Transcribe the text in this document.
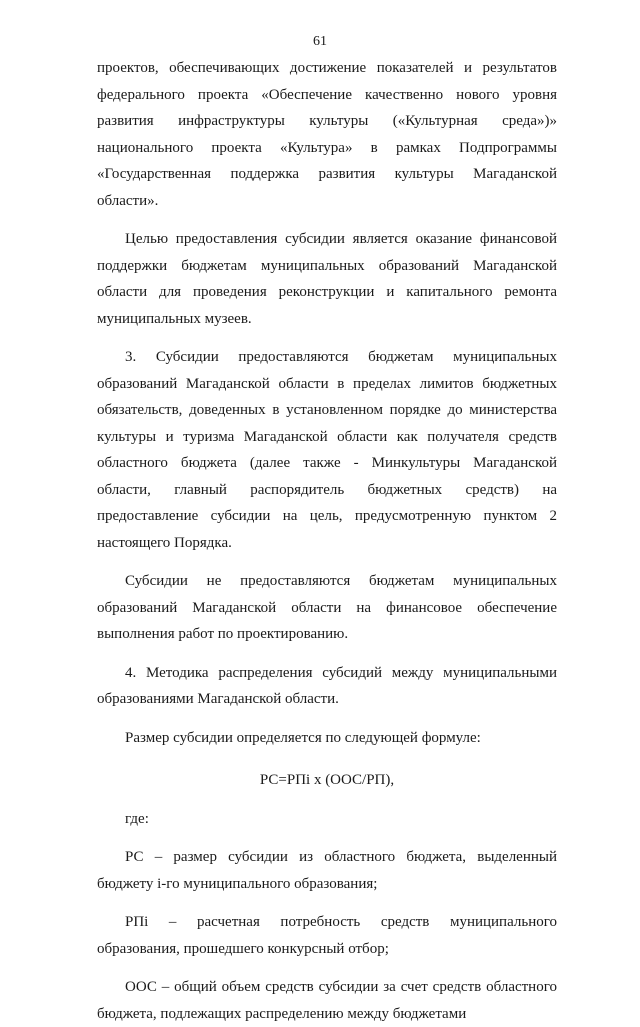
61

проектов, обеспечивающих достижение показателей и результатов федерального проекта «Обеспечение качественно нового уровня развития инфраструктуры культуры («Культурная среда»)» национального проекта «Культура» в рамках Подпрограммы «Государственная поддержка развития культуры Магаданской области».

Целью предоставления субсидии является оказание финансовой поддержки бюджетам муниципальных образований Магаданской области для проведения реконструкции и капитального ремонта муниципальных музеев.

3. Субсидии предоставляются бюджетам муниципальных образований Магаданской области в пределах лимитов бюджетных обязательств, доведенных в установленном порядке до министерства культуры и туризма Магаданской области как получателя средств областного бюджета (далее также - Минкультуры Магаданской области, главный распорядитель бюджетных средств) на предоставление субсидии на цель, предусмотренную пунктом 2 настоящего Порядка.

Субсидии не предоставляются бюджетам муниципальных образований Магаданской области на финансовое обеспечение выполнения работ по проектированию.

4. Методика распределения субсидий между муниципальными образованиями Магаданской области.

Размер субсидии определяется по следующей формуле:

РС=РПi х (ООС/РП),

где:

РС – размер субсидии из областного бюджета, выделенный бюджету i-го муниципального образования;

РПi – расчетная потребность средств муниципального образования, прошедшего конкурсный отбор;

ООС – общий объем средств субсидии за счет средств областного бюджета, подлежащих распределению между бюджетами
